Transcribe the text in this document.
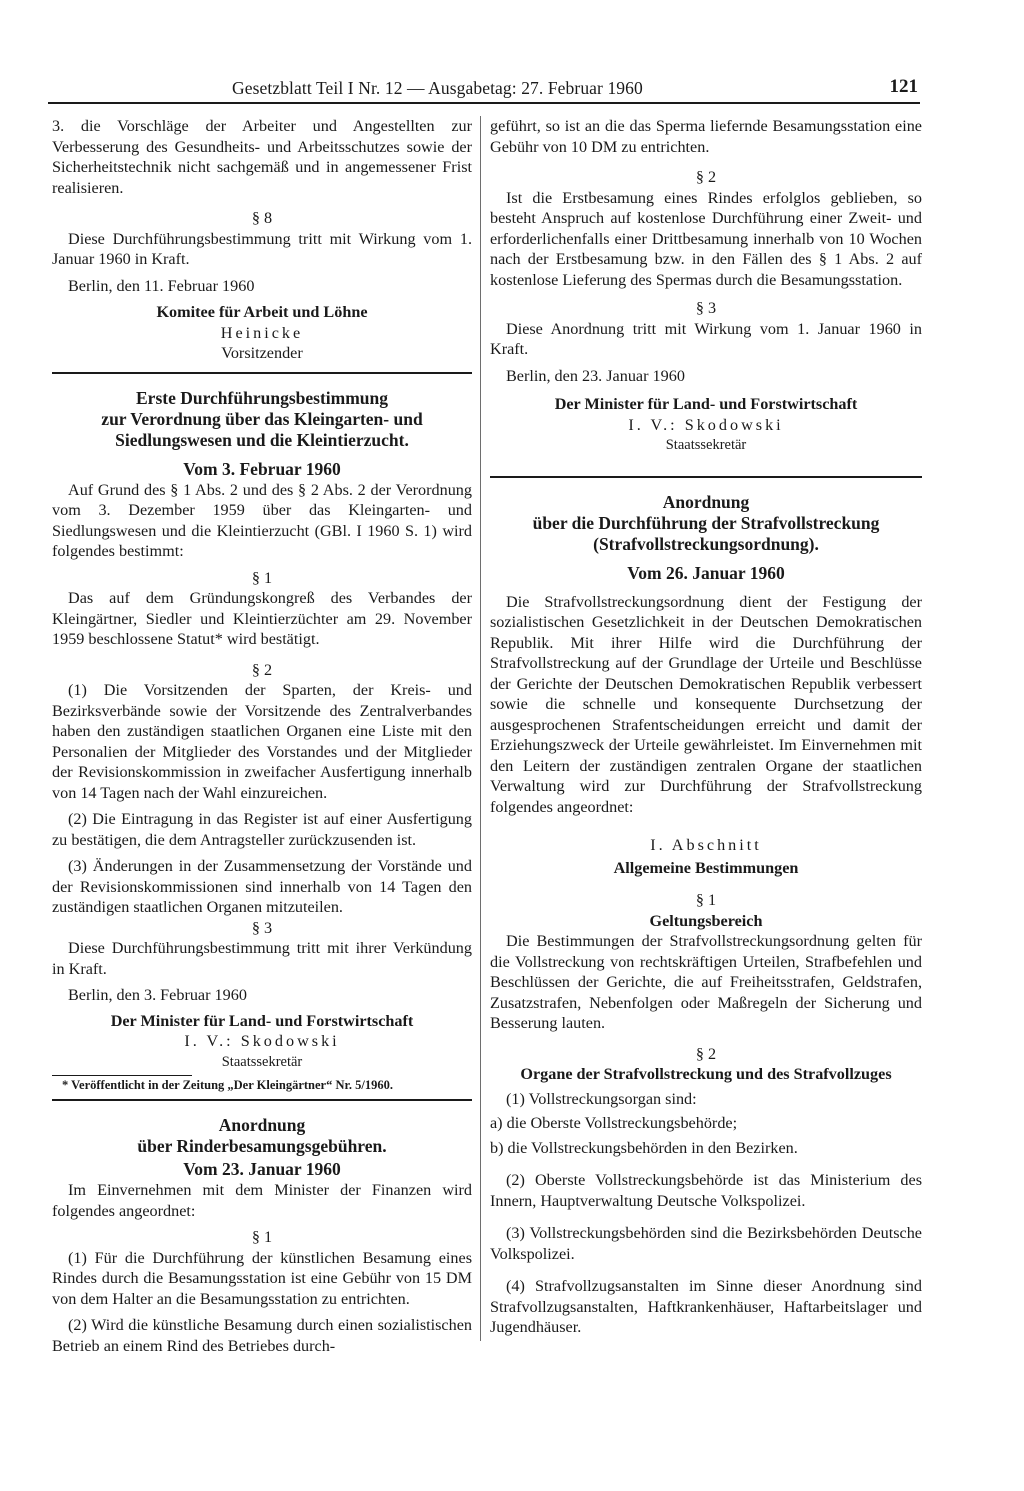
Gesetzblatt Teil I Nr. 12 — Ausgabetag: 27. Februar 1960	121

3. die Vorschläge der Arbeiter und Angestellten zur Verbesserung des Gesundheits- und Arbeitsschutzes sowie der Sicherheitstechnik nicht sachgemäß und in angemessener Frist realisieren.

§ 8

Diese Durchführungsbestimmung tritt mit Wirkung vom 1. Januar 1960 in Kraft.

Berlin, den 11. Februar 1960

Komitee für Arbeit und Löhne

Heinicke

Vorsitzender

Erste Durchführungsbestimmung

zur Verordnung über das Kleingarten- und

Siedlungswesen und die Kleintierzucht.

Vom 3. Februar 1960

Auf Grund des § 1 Abs. 2 und des § 2 Abs. 2 der Verordnung vom 3. Dezember 1959 über das Kleingarten- und Siedlungswesen und die Kleintierzucht (GBl. I 1960 S. 1) wird folgendes bestimmt:

§ 1

Das auf dem Gründungskongreß des Verbandes der Kleingärtner, Siedler und Kleintierzüchter am 29. November 1959 beschlossene Statut* wird bestätigt.

§ 2

(1) Die Vorsitzenden der Sparten, der Kreis- und Bezirksverbände sowie der Vorsitzende des Zentralverbandes haben den zuständigen staatlichen Organen eine Liste mit den Personalien der Mitglieder des Vorstandes und der Mitglieder der Revisionskommission in zweifacher Ausfertigung innerhalb von 14 Tagen nach der Wahl einzureichen.

(2) Die Eintragung in das Register ist auf einer Ausfertigung zu bestätigen, die dem Antragsteller zurückzusenden ist.

(3) Änderungen in der Zusammensetzung der Vorstände und der Revisionskommissionen sind innerhalb von 14 Tagen den zuständigen staatlichen Organen mitzuteilen.

§ 3

Diese Durchführungsbestimmung tritt mit ihrer Verkündung in Kraft.

Berlin, den 3. Februar 1960

Der Minister für Land- und Forstwirtschaft

I. V.: Skodowski

Staatssekretär

* Veröffentlicht in der Zeitung „Der Kleingärtner“ Nr. 5/1960.

Anordnung

über Rinderbesamungsgebühren.

Vom 23. Januar 1960

Im Einvernehmen mit dem Minister der Finanzen wird folgendes angeordnet:

§ 1

(1) Für die Durchführung der künstlichen Besamung eines Rindes durch die Besamungsstation ist eine Gebühr von 15 DM von dem Halter an die Besamungsstation zu entrichten.

(2) Wird die künstliche Besamung durch einen sozialistischen Betrieb an einem Rind des Betriebes durch-

geführt, so ist an die das Sperma liefernde Besamungsstation eine Gebühr von 10 DM zu entrichten.

§ 2

Ist die Erstbesamung eines Rindes erfolglos geblieben, so besteht Anspruch auf kostenlose Durchführung einer Zweit- und erforderlichenfalls einer Drittbesamung innerhalb von 10 Wochen nach der Erstbesamung bzw. in den Fällen des § 1 Abs. 2 auf kostenlose Lieferung des Spermas durch die Besamungsstation.

§ 3

Diese Anordnung tritt mit Wirkung vom 1. Januar 1960 in Kraft.

Berlin, den 23. Januar 1960

Der Minister für Land- und Forstwirtschaft

I. V.: Skodowski

Staatssekretär

Anordnung

über die Durchführung der Strafvollstreckung

(Strafvollstreckungsordnung).

Vom 26. Januar 1960

Die Strafvollstreckungsordnung dient der Festigung der sozialistischen Gesetzlichkeit in der Deutschen Demokratischen Republik. Mit ihrer Hilfe wird die Durchführung der Strafvollstreckung auf der Grundlage der Urteile und Beschlüsse der Gerichte der Deutschen Demokratischen Republik verbessert sowie die schnelle und konsequente Durchsetzung der ausgesprochenen Strafentscheidungen erreicht und damit der Erziehungszweck der Urteile gewährleistet. Im Einvernehmen mit den Leitern der zuständigen zentralen Organe der staatlichen Verwaltung wird zur Durchführung der Strafvollstreckung folgendes angeordnet:

I. Abschnitt

Allgemeine Bestimmungen

§ 1

Geltungsbereich

Die Bestimmungen der Strafvollstreckungsordnung gelten für die Vollstreckung von rechtskräftigen Urteilen, Strafbefehlen und Beschlüssen der Gerichte, die auf Freiheitsstrafen, Geldstrafen, Zusatzstrafen, Nebenfolgen oder Maßregeln der Sicherung und Besserung lauten.

§ 2

Organe der Strafvollstreckung und des Strafvollzuges

(1) Vollstreckungsorgan sind:

a) die Oberste Vollstreckungsbehörde;

b) die Vollstreckungsbehörden in den Bezirken.

(2) Oberste Vollstreckungsbehörde ist das Ministerium des Innern, Hauptverwaltung Deutsche Volkspolizei.

(3) Vollstreckungsbehörden sind die Bezirksbehörden Deutsche Volkspolizei.

(4) Strafvollzugsanstalten im Sinne dieser Anordnung sind Strafvollzugsanstalten, Haftkrankenhäuser, Haftarbeitslager und Jugendhäuser.
